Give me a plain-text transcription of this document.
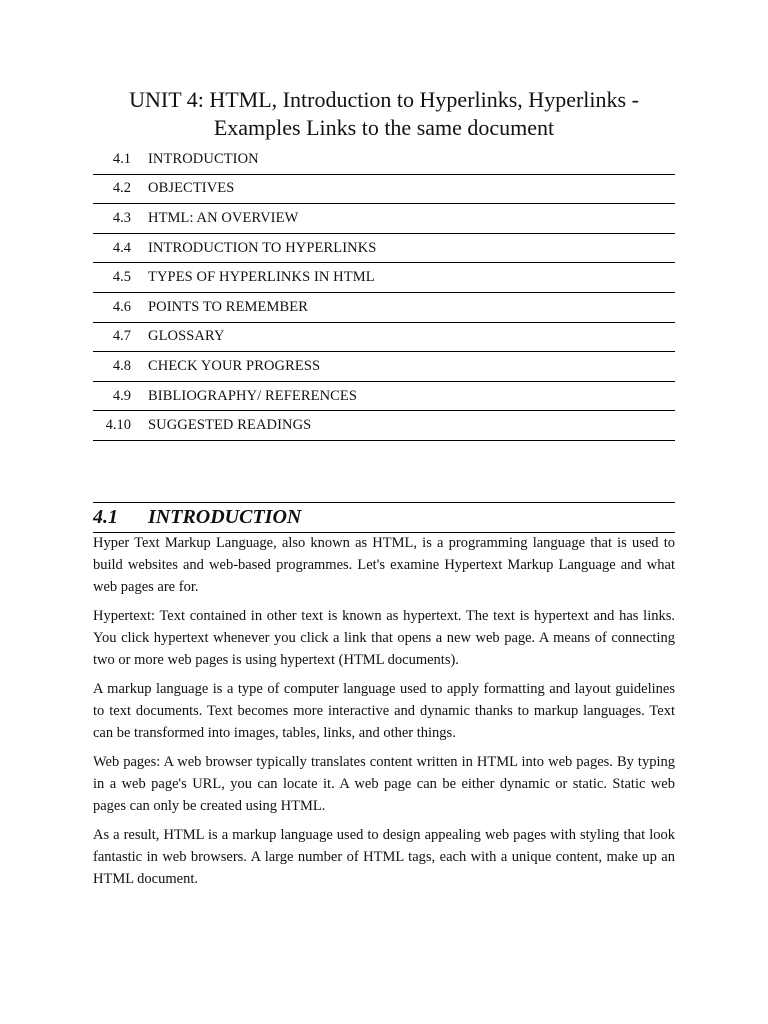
UNIT 4: HTML, Introduction to Hyperlinks, Hyperlinks - Examples Links to the same document
4.1 INTRODUCTION
4.2 OBJECTIVES
4.3 HTML: AN OVERVIEW
4.4 INTRODUCTION TO HYPERLINKS
4.5 TYPES OF HYPERLINKS IN HTML
4.6 POINTS TO REMEMBER
4.7 GLOSSARY
4.8 CHECK YOUR PROGRESS
4.9 BIBLIOGRAPHY/ REFERENCES
4.10 SUGGESTED READINGS
4.1	INTRODUCTION

Hyper Text Markup Language, also known as HTML, is a programming language that is used to build websites and web-based programmes. Let's examine Hypertext Markup Language and what web pages are for.

Hypertext: Text contained in other text is known as hypertext. The text is hypertext and has links. You click hypertext whenever you click a link that opens a new web page. A means of connecting two or more web pages is using hypertext (HTML documents).

A markup language is a type of computer language used to apply formatting and layout guidelines to text documents. Text becomes more interactive and dynamic thanks to markup languages. Text can be transformed into images, tables, links, and other things.

Web pages: A web browser typically translates content written in HTML into web pages. By typing in a web page's URL, you can locate it. A web page can be either dynamic or static. Static web pages can only be created using HTML.

As a result, HTML is a markup language used to design appealing web pages with styling that look fantastic in web browsers. A large number of HTML tags, each with a unique content, make up an HTML document.
